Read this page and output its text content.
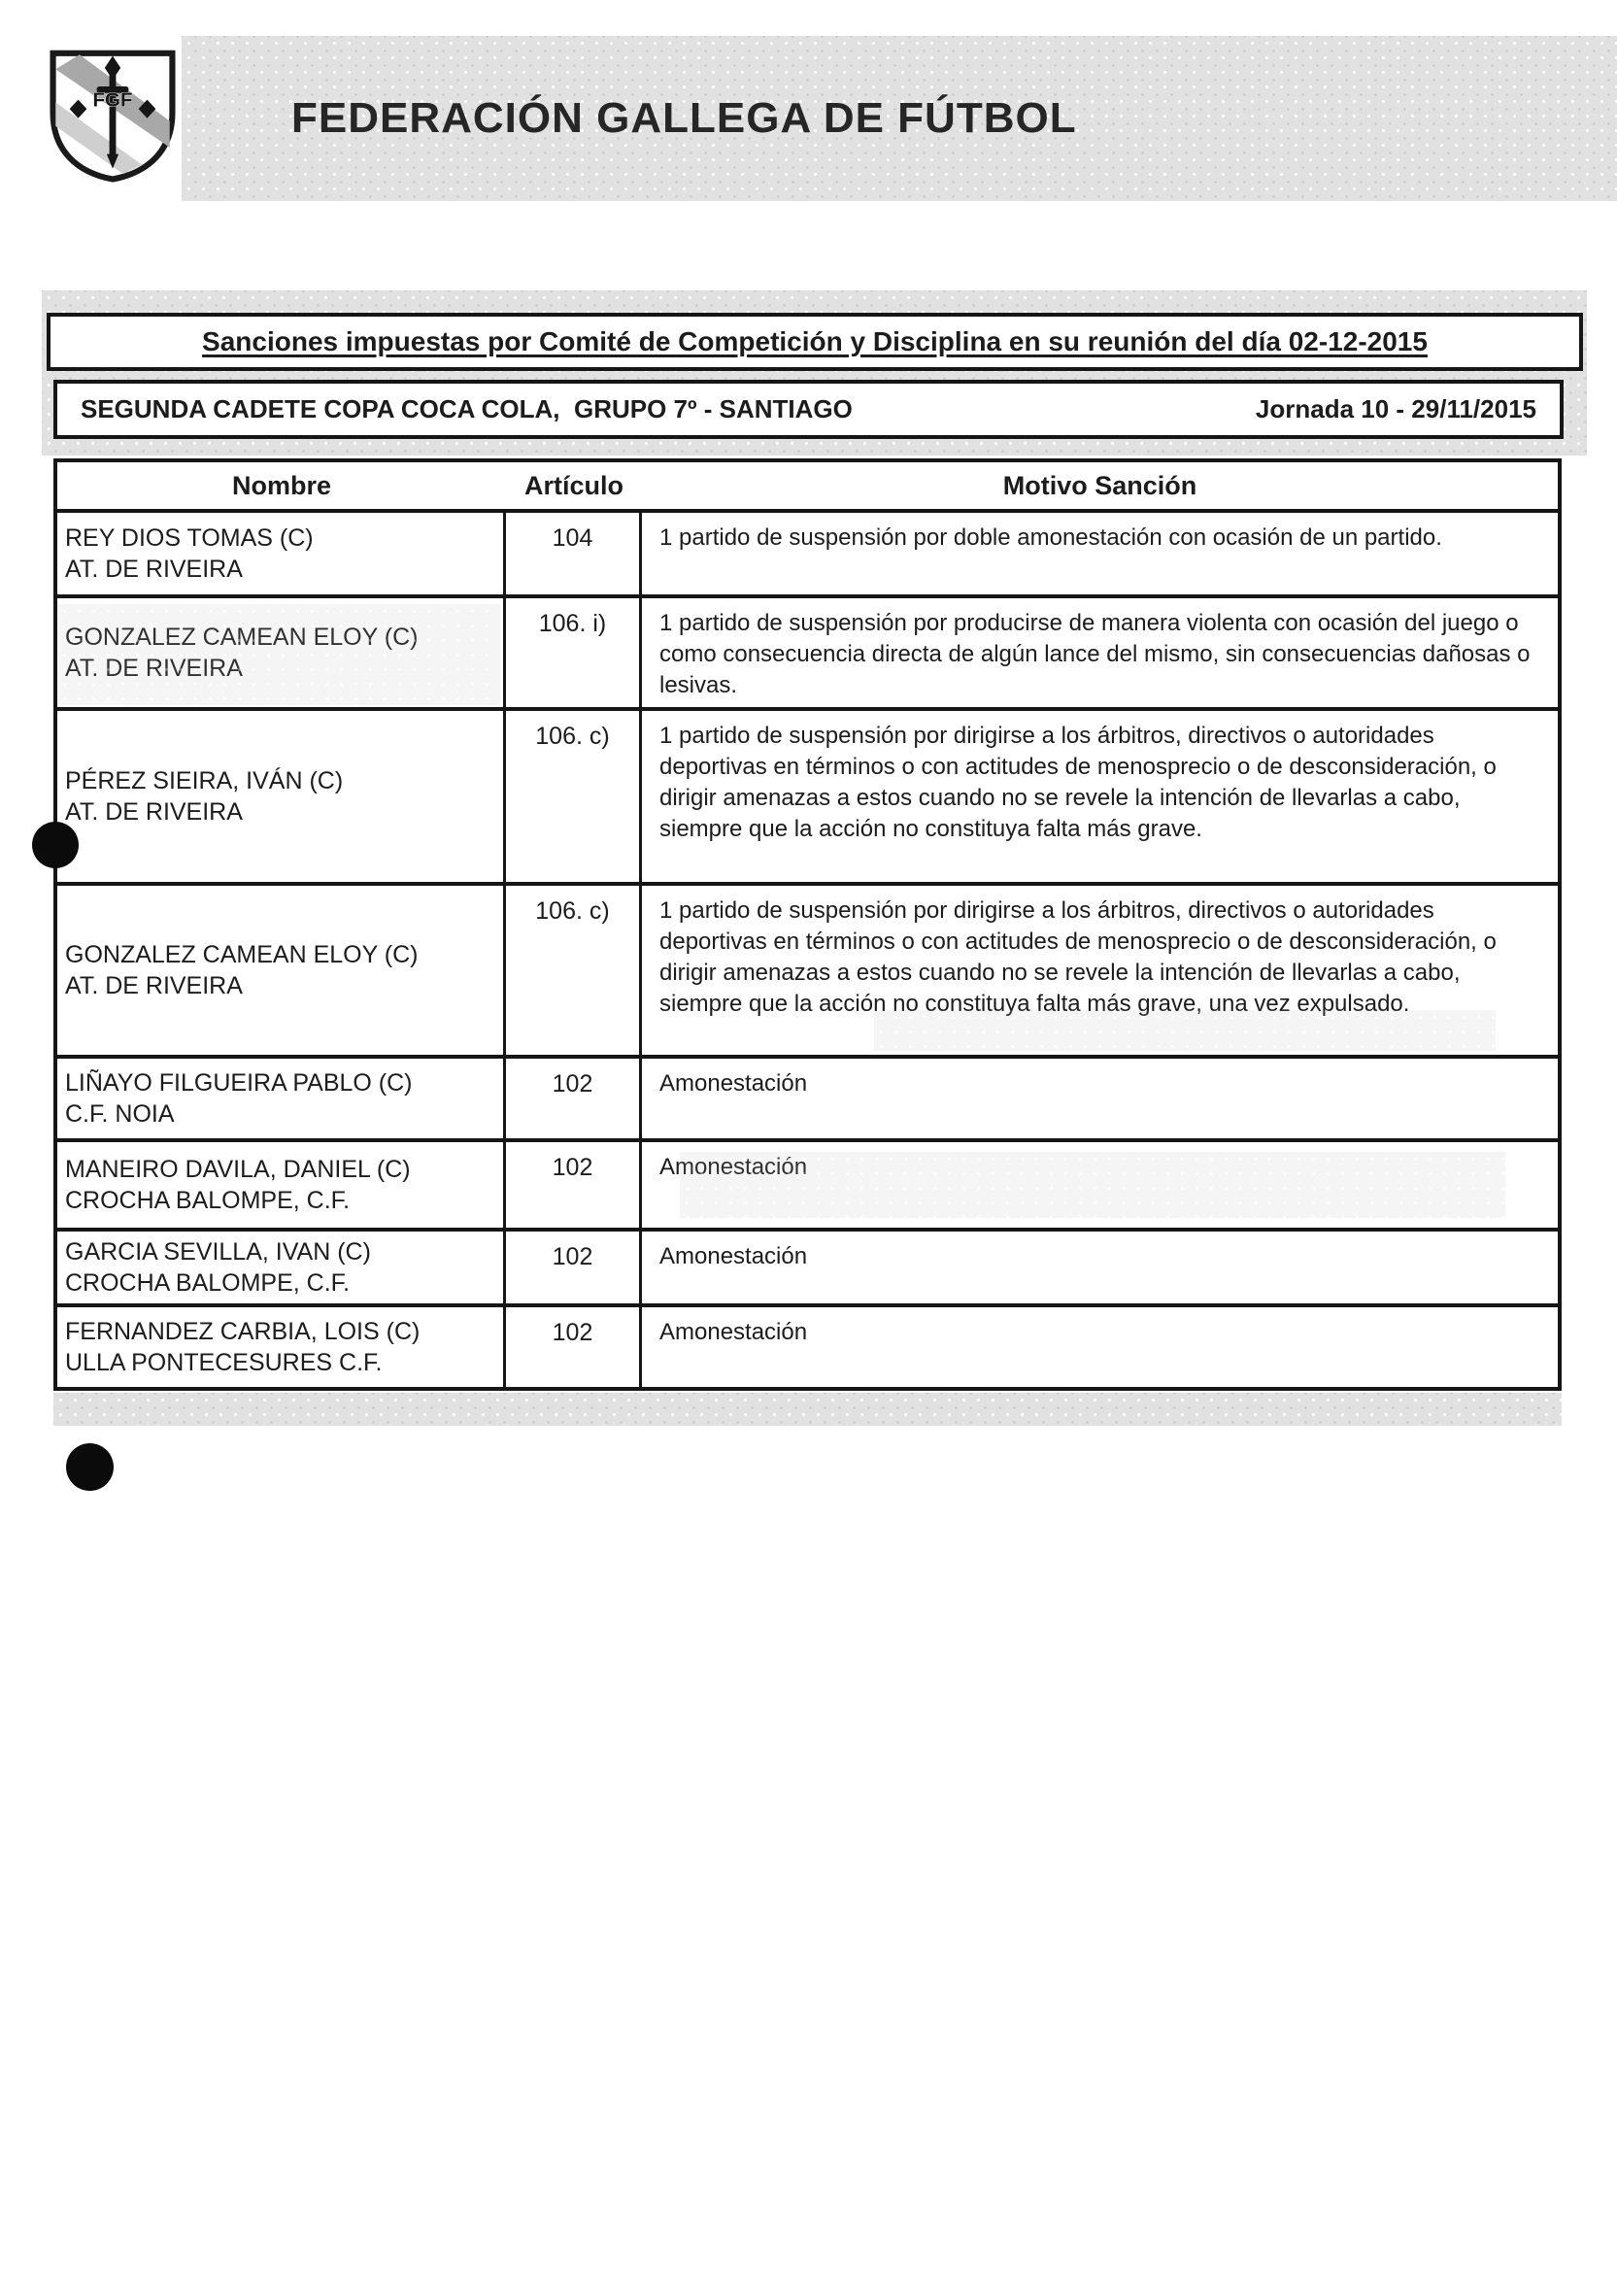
FGF	FEDERACIÓN GALLEGA DE FÚTBOL
Sanciones impuestas por Comité de Competición y Disciplina en su reunión del día 02-12-2015
SEGUNDA CADETE COPA COCA COLA,  GRUPO 7º - SANTIAGO	Jornada 10 - 29/11/2015
Nombre	Artículo	Motivo Sanción
REY DIOS TOMAS (C)
AT. DE RIVEIRA
104	1 partido de suspensión por doble amonestación con ocasión de un partido.
GONZALEZ CAMEAN ELOY (C)
AT. DE RIVEIRA
106. i)	1 partido de suspensión por producirse de manera violenta con ocasión del juego o como consecuencia directa de algún lance del mismo, sin consecuencias dañosas o lesivas.
PÉREZ SIEIRA, IVÁN (C)
AT. DE RIVEIRA
106. c)	1 partido de suspensión por dirigirse a los árbitros, directivos o autoridades deportivas en términos o con actitudes de menosprecio o de desconsideración, o dirigir amenazas a estos cuando no se revele la intención de llevarlas a cabo, siempre que la acción no constituya falta más grave.
GONZALEZ CAMEAN ELOY (C)
AT. DE RIVEIRA
106. c)	1 partido de suspensión por dirigirse a los árbitros, directivos o autoridades deportivas en términos o con actitudes de menosprecio o de desconsideración, o dirigir amenazas a estos cuando no se revele la intención de llevarlas a cabo, siempre que la acción no constituya falta más grave, una vez expulsado.
LIÑAYO FILGUEIRA PABLO (C)
C.F. NOIA
102	Amonestación
MANEIRO DAVILA, DANIEL (C)
CROCHA BALOMPE, C.F.
102	Amonestación
GARCIA SEVILLA, IVAN (C)
CROCHA BALOMPE, C.F.
102	Amonestación
FERNANDEZ CARBIA, LOIS (C)
ULLA PONTECESURES C.F.
102	Amonestación
